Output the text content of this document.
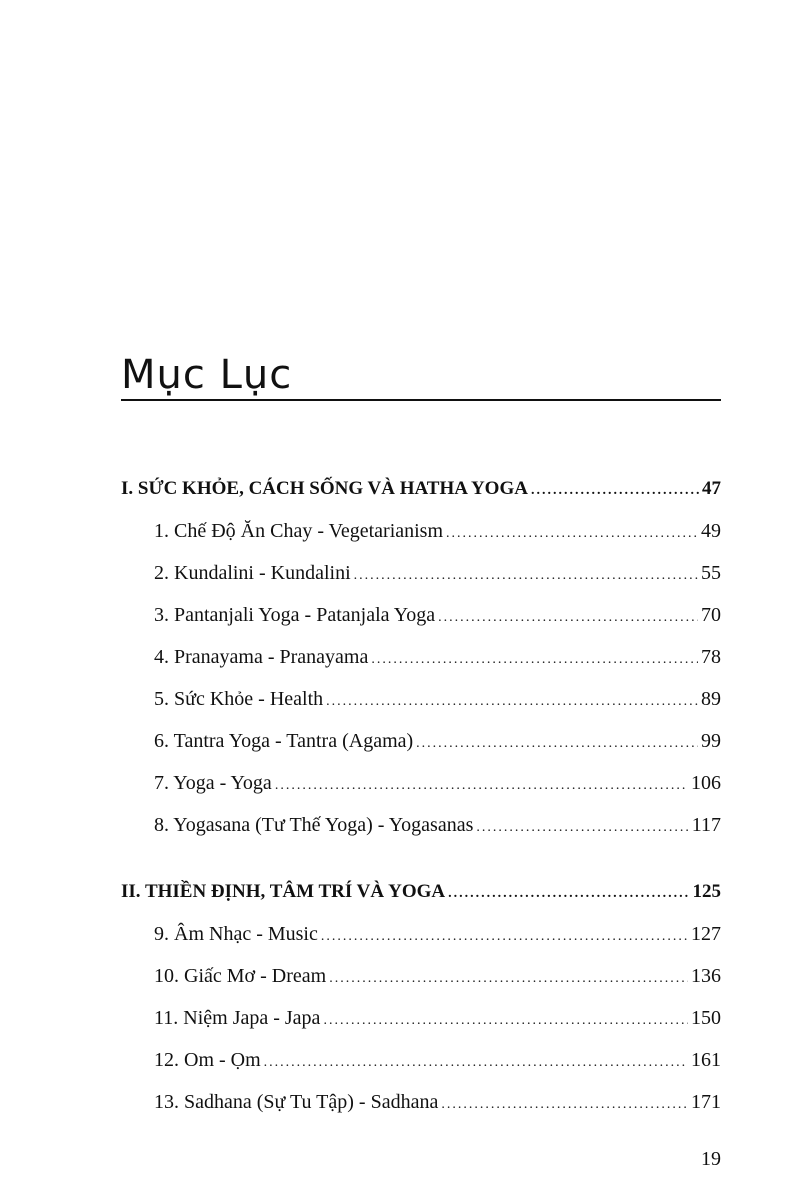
Mục Lục
I. SỨC KHỎE, CÁCH SỐNG VÀ HATHA YOGA .....	47
1. Chế Độ Ăn Chay - Vegetarianism .....	49
2. Kundalini - Kundalini .....	55
3. Pantanjali Yoga - Patanjala Yoga .....	70
4. Pranayama - Pranayama .....	78
5. Sức Khỏe - Health .....	89
6. Tantra Yoga - Tantra (Agama) .....	99
7. Yoga - Yoga .....	106
8. Yogasana (Tư Thế Yoga) - Yogasanas .....	117
II. THIỀN ĐỊNH, TÂM TRÍ VÀ YOGA .....	125
9. Âm Nhạc - Music .....	127
10. Giấc Mơ - Dream .....	136
11. Niệm Japa - Japa .....	150
12. Om - Ọm .....	161
13. Sadhana (Sự Tu Tập) - Sadhana .....	171
19
